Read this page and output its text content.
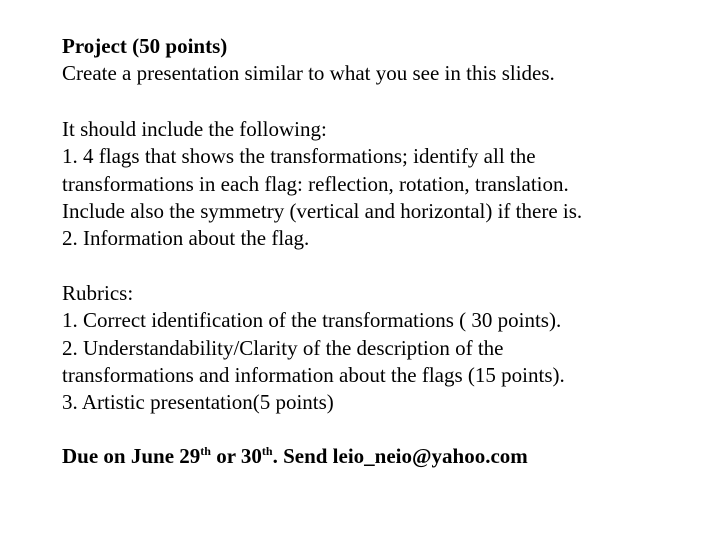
Project (50 points)
Create a presentation similar to what you see in this slides.
It should include the following:
1. 4 flags that shows the transformations; identify all the
transformations in each flag: reflection, rotation, translation.
Include also the symmetry (vertical and horizontal) if there is.
2. Information about the flag.
Rubrics:
1. Correct identification of the transformations ( 30 points).
2. Understandability/Clarity of the description of the
transformations and information about the flags (15 points).
3. Artistic presentation(5 points)
Due on June 29th or 30th. Send leio_neio@yahoo.com
